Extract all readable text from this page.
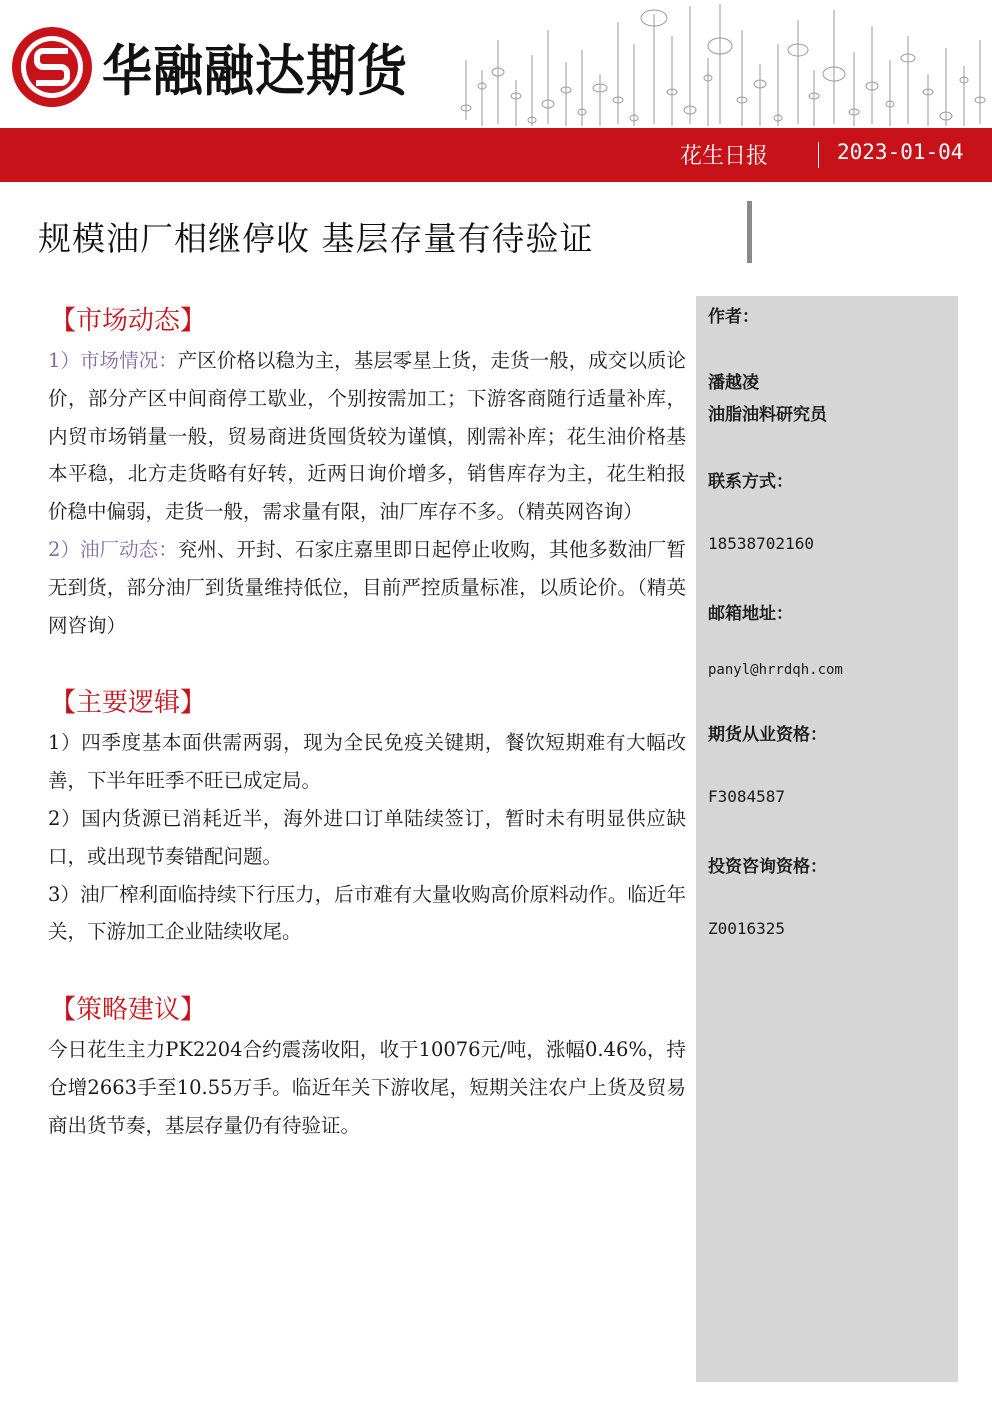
华融融达期货
花生日报	2023-01-04
规模油厂相继停收 基层存量有待验证
作者：
潘越凌
油脂油料研究员
联系方式：
18538702160
邮箱地址：
panyl@hrrdqh.com
期货从业资格：
F3084587
投资咨询资格：
Z0016325
【市场动态】

1）市场情况：产区价格以稳为主，基层零星上货，走货一般，成交以质论价，部分产区中间商停工歇业，个别按需加工；下游客商随行适量补库，内贸市场销量一般，贸易商进货囤货较为谨慎，刚需补库；花生油价格基本平稳，北方走货略有好转，近两日询价增多，销售库存为主，花生粕报价稳中偏弱，走货一般，需求量有限，油厂库存不多。（精英网咨询）

2）油厂动态：兖州、开封、石家庄嘉里即日起停止收购，其他多数油厂暂无到货，部分油厂到货量维持低位，目前严控质量标准，以质论价。（精英网咨询）

【主要逻辑】

1）四季度基本面供需两弱，现为全民免疫关键期，餐饮短期难有大幅改善，下半年旺季不旺已成定局。

2）国内货源已消耗近半，海外进口订单陆续签订，暂时未有明显供应缺口，或出现节奏错配问题。

3）油厂榨利面临持续下行压力，后市难有大量收购高价原料动作。临近年关，下游加工企业陆续收尾。

【策略建议】

今日花生主力PK2204合约震荡收阳，收于10076元/吨，涨幅0.46%，持仓增2663手至10.55万手。临近年关下游收尾，短期关注农户上货及贸易商出货节奏，基层存量仍有待验证。
